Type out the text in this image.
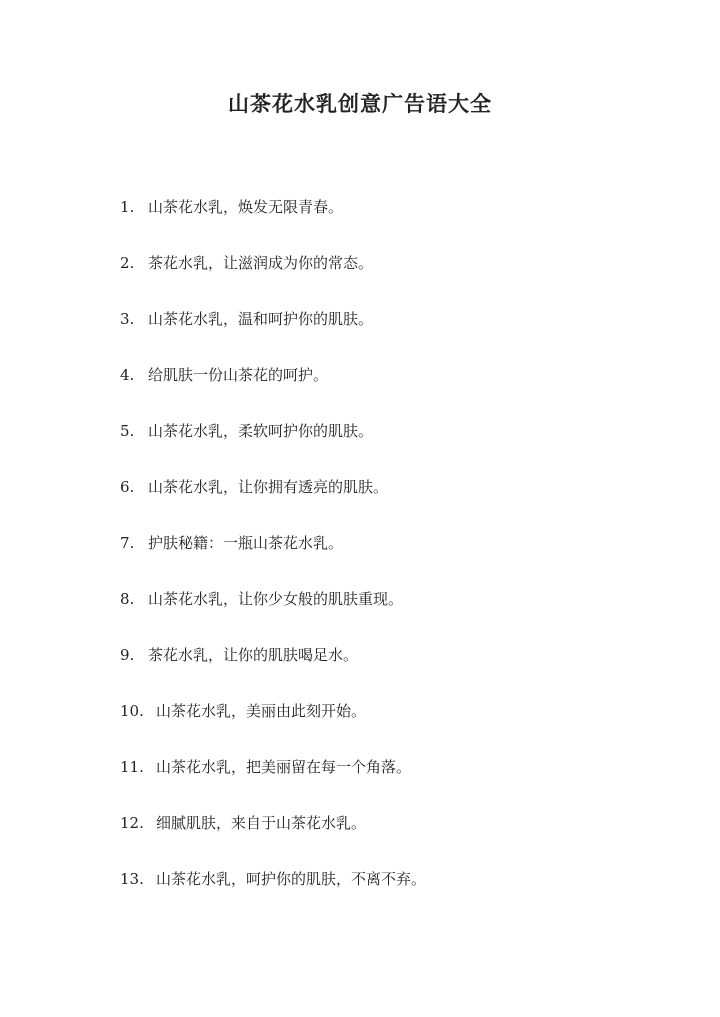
山茶花水乳创意广告语大全
1. 山茶花水乳，焕发无限青春。
2. 茶花水乳，让滋润成为你的常态。
3. 山茶花水乳，温和呵护你的肌肤。
4. 给肌肤一份山茶花的呵护。
5. 山茶花水乳，柔软呵护你的肌肤。
6. 山茶花水乳，让你拥有透亮的肌肤。
7. 护肤秘籍：一瓶山茶花水乳。
8. 山茶花水乳，让你少女般的肌肤重现。
9. 茶花水乳，让你的肌肤喝足水。
10. 山茶花水乳，美丽由此刻开始。
11. 山茶花水乳，把美丽留在每一个角落。
12. 细腻肌肤，来自于山茶花水乳。
13. 山茶花水乳，呵护你的肌肤，不离不弃。
